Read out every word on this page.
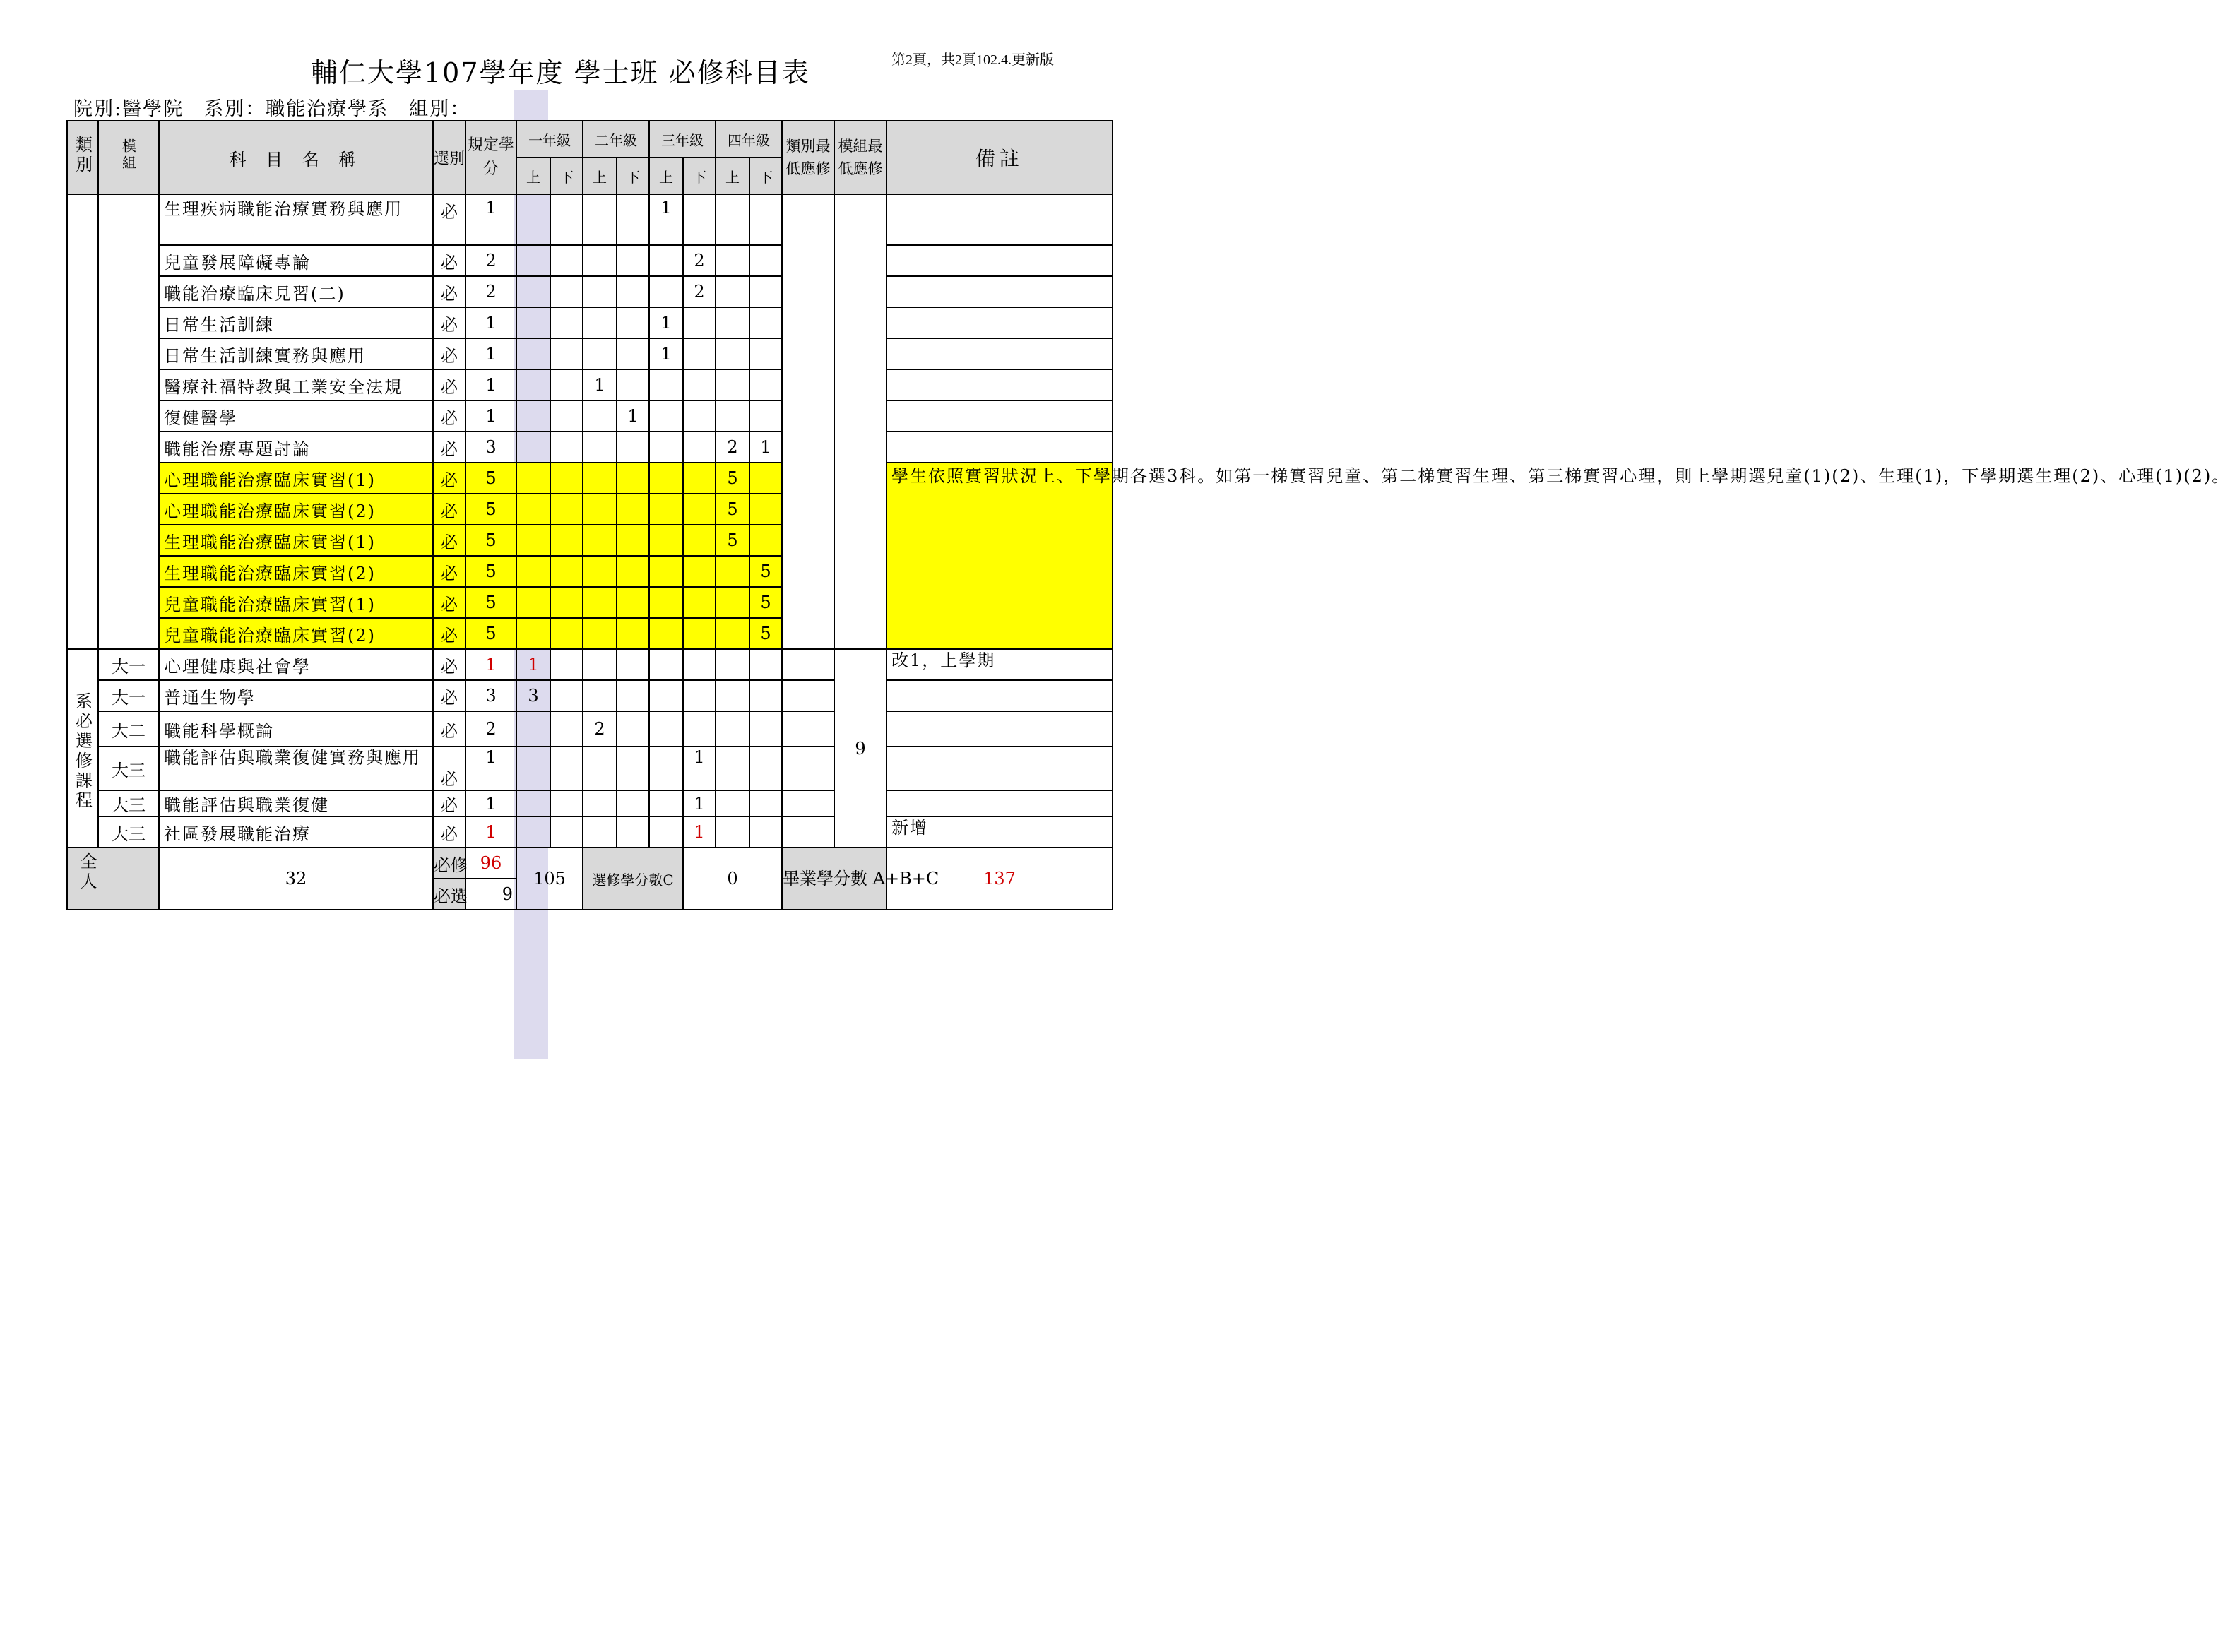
輔仁大學107學年度 學士班 必修科目表	第2頁，共2頁102.4.更新版
院別:醫學院　系別：職能治療學系　組別：
類別	模組	科 目 名 稱	選別	規定學分	一年級		二年級		三年級		四年級		類別最低應修	模組最低應修	備註
					上	下	上	下	上	下	上	下			
		生理疾病職能治療實務與應用	必	1					1						
		兒童發展障礙專論	必	2						2					
		職能治療臨床見習(二)	必	2						2					
		日常生活訓練	必	1					1						
		日常生活訓練實務與應用	必	1					1						
		醫療社福特教與工業安全法規	必	1			1								
		復健醫學	必	1				1							
		職能治療專題討論	必	3							2	1			
		心理職能治療臨床實習(1)	必	5							5				學生依照實習狀況上、下學期各選3科。如第一梯實習兒童、第二梯實習生理、第三梯實習心理，則上學期選兒童(1)(2)、生理(1)，下學期選生理(2)、心理(1)(2)。
		心理職能治療臨床實習(2)	必	5							5				
		生理職能治療臨床實習(1)	必	5							5				
		生理職能治療臨床實習(2)	必	5								5			
		兒童職能治療臨床實習(1)	必	5								5			
		兒童職能治療臨床實習(2)	必	5								5			
系必選修課程	大一	心理健康與社會學	必	1	1									9	改1，上學期
	大一	普通生物學	必	3	3										
	大二	職能科學概論	必	2			2								
	大三	職能評估與職業復健實務與應用	必	1						1					
	大三	職能評估與職業復健	必	1						1					
	大三	社區發展職能治療	必	1						1					新增
全人		32	必修	96	105		選修學分數C			0			畢業學分數 A+B+C		137
			必選	9											
